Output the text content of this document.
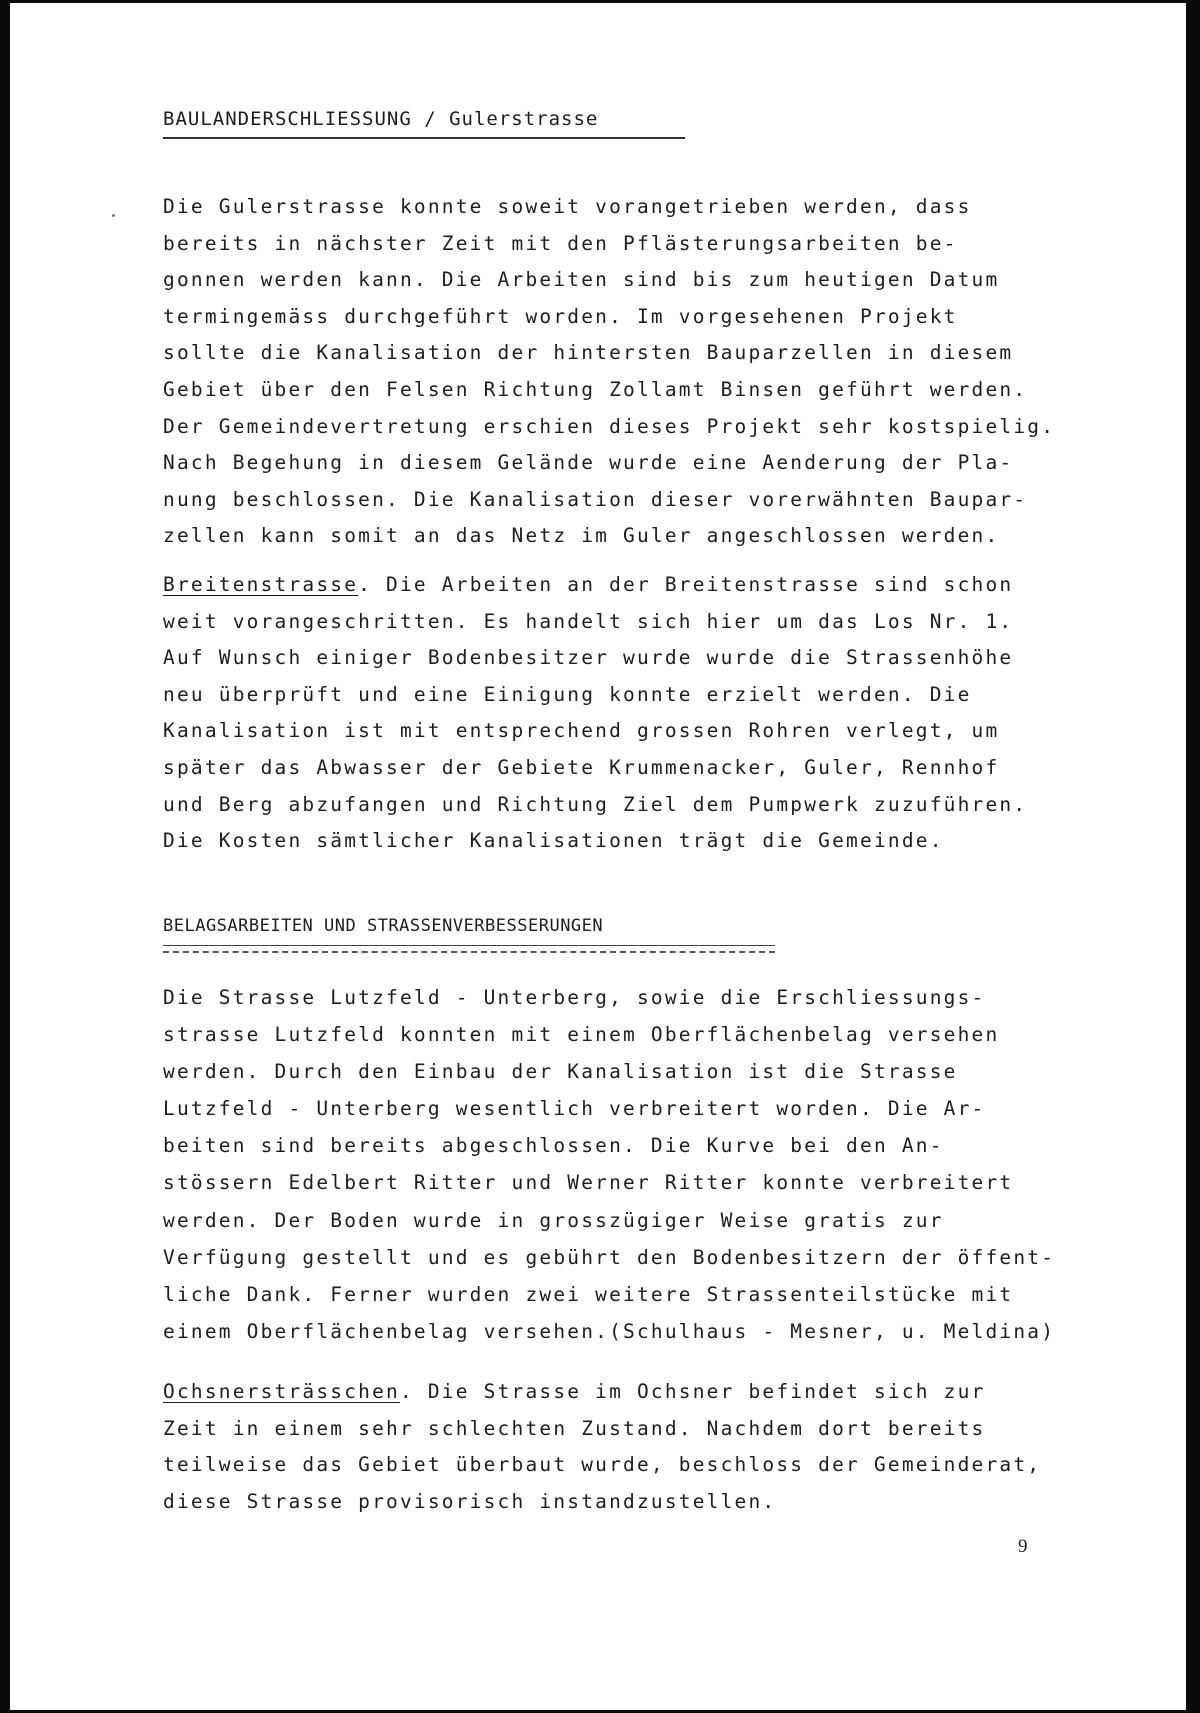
BAULANDERSCHLIESSUNG / Gulerstrasse

Die Gulerstrasse konnte soweit vorangetrieben werden, dass
bereits in nächster Zeit mit den Pflästerungsarbeiten be-
gonnen werden kann. Die Arbeiten sind bis zum heutigen Datum
termingemäss durchgeführt worden. Im vorgesehenen Projekt
sollte die Kanalisation der hintersten Bauparzellen in diesem
Gebiet über den Felsen Richtung Zollamt Binsen geführt werden.
Der Gemeindevertretung erschien dieses Projekt sehr kostspielig.
Nach Begehung in diesem Gelände wurde eine Aenderung der Pla-
nung beschlossen. Die Kanalisation dieser vorerwähnten Baupar-
zellen kann somit an das Netz im Guler angeschlossen werden.

Breitenstrasse. Die Arbeiten an der Breitenstrasse sind schon
weit vorangeschritten. Es handelt sich hier um das Los Nr. 1.
Auf Wunsch einiger Bodenbesitzer wurde wurde die Strassenhöhe
neu überprüft und eine Einigung konnte erzielt werden. Die
Kanalisation ist mit entsprechend grossen Rohren verlegt, um
später das Abwasser der Gebiete Krummenacker, Guler, Rennhof
und Berg abzufangen und Richtung Ziel dem Pumpwerk zuzuführen.
Die Kosten sämtlicher Kanalisationen trägt die Gemeinde.

BELAGSARBEITEN UND STRASSENVERBESSERUNGEN

Die Strasse Lutzfeld - Unterberg, sowie die Erschliessungs-
strasse Lutzfeld konnten mit einem Oberflächenbelag versehen
werden. Durch den Einbau der Kanalisation ist die Strasse
Lutzfeld - Unterberg wesentlich verbreitert worden. Die Ar-
beiten sind bereits abgeschlossen. Die Kurve bei den An-
stössern Edelbert Ritter und Werner Ritter konnte verbreitert
werden. Der Boden wurde in grosszügiger Weise gratis zur
Verfügung gestellt und es gebührt den Bodenbesitzern der öffent-
liche Dank. Ferner wurden zwei weitere Strassenteilstücke mit
einem Oberflächenbelag versehen.(Schulhaus - Mesner, u. Meldina)

Ochsnersträsschen. Die Strasse im Ochsner befindet sich zur
Zeit in einem sehr schlechten Zustand. Nachdem dort bereits
teilweise das Gebiet überbaut wurde, beschloss der Gemeinderat,
diese Strasse provisorisch instandzustellen.

9
